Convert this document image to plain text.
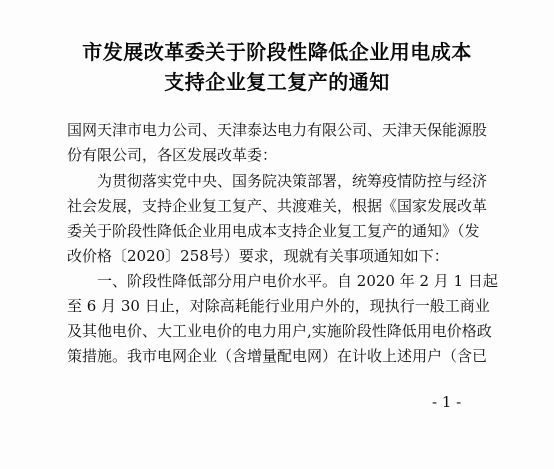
市发展改革委关于阶段性降低企业用电成本
支持企业复工复产的通知
国网天津市电力公司、天津泰达电力有限公司、天津天保能源股
份有限公司，各区发展改革委：
为贯彻落实党中央、国务院决策部署，统筹疫情防控与经济
社会发展，支持企业复工复产、共渡难关，根据《国家发展改革
委关于阶段性降低企业用电成本支持企业复工复产的通知》（发
改价格〔2020〕258号）要求，现就有关事项通知如下：
一、阶段性降低部分用户电价水平。自 2020 年 2 月 1 日起
至 6 月 30 日止，对除高耗能行业用户外的，现执行一般工商业
及其他电价、大工业电价的电力用户,实施阶段性降低用电价格政
策措施。我市电网企业（含增量配电网）在计收上述用户（含已
- 1 -
